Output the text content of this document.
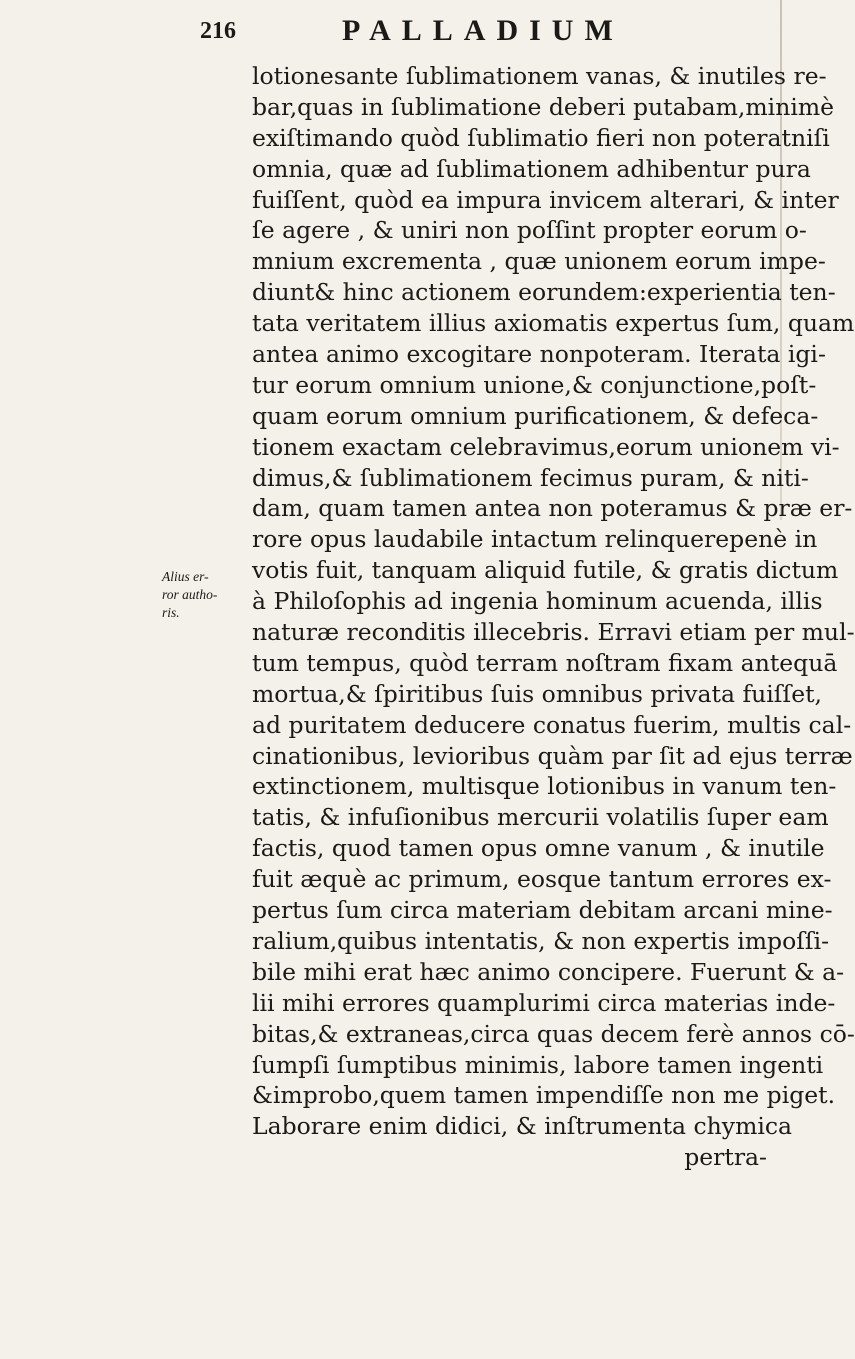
216	PALLADIUM
Alius er-
ror autho-
ris.
lotionesante ſublimationem vanas, & inutiles re-
bar,quas in ſublimatione deberi putabam,minimè
exiſtimando quòd ſublimatio fieri non poteratniſi
omnia, quæ ad ſublimationem adhibentur pura
fuiſſent, quòd ea impura invicem alterari, & inter
ſe agere , & uniri non poſſint propter eorum o-
mnium excrementa , quæ unionem eorum impe-
diunt& hinc actionem eorundem:experientia ten-
tata veritatem illius axiomatis expertus ſum, quam
antea animo excogitare nonpoteram. Iterata igi-
tur eorum omnium unione,& conjunctione,poſt-
quam eorum omnium purificationem, & defeca-
tionem exactam celebravimus,eorum unionem vi-
dimus,& ſublimationem fecimus puram, & niti-
dam, quam tamen antea non poteramus & præ er-
rore opus laudabile intactum relinquerepenè in
votis fuit, tanquam aliquid futile, & gratis dictum
à Philoſophis ad ingenia hominum acuenda, illis
naturæ reconditis illecebris. Erravi etiam per mul-
tum tempus, quòd terram noſtram fixam antequā
mortua,& ſpiritibus ſuis omnibus privata fuiſſet,
ad puritatem deducere conatus fuerim, multis cal-
cinationibus, levioribus quàm par ſit ad ejus terræ
extinctionem, multisque lotionibus in vanum ten-
tatis, & infuſionibus mercurii volatilis ſuper eam
factis, quod tamen opus omne vanum , & inutile
fuit æquè ac primum, eosque tantum errores ex-
pertus ſum circa materiam debitam arcani mine-
ralium,quibus intentatis, & non expertis impoſſi-
bile mihi erat hæc animo concipere. Fuerunt & a-
lii mihi errores quamplurimi circa materias inde-
bitas,& extraneas,circa quas decem ferè annos cō-
ſumpſi ſumptibus minimis, labore tamen ingenti
&improbo,quem tamen impendiſſe non me piget.
Laborare enim didici, & inſtrumenta chymica
pertra-
